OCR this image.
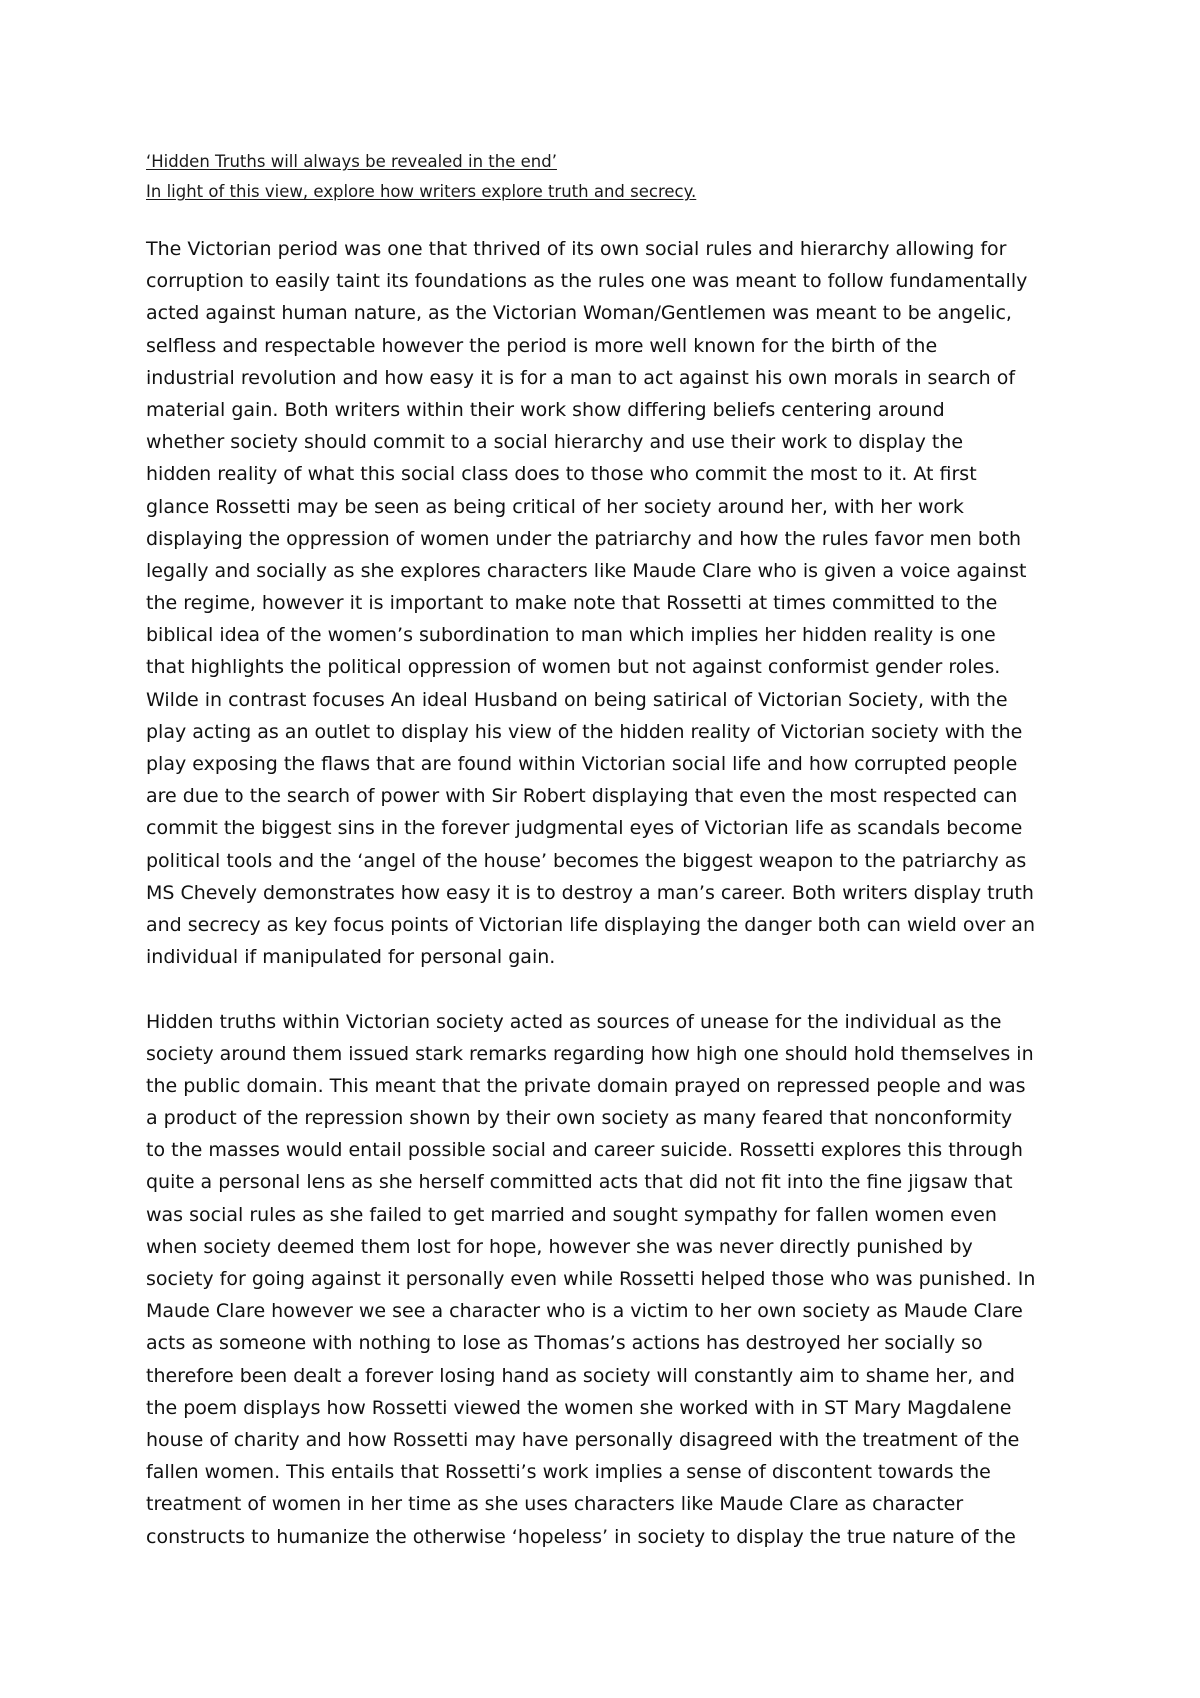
‘Hidden Truths will always be revealed in the end’
In light of this view, explore how writers explore truth and secrecy.
The Victorian period was one that thrived of its own social rules and hierarchy allowing for
corruption to easily taint its foundations as the rules one was meant to follow fundamentally
acted against human nature, as the Victorian Woman/Gentlemen was meant to be angelic,
selfless and respectable however the period is more well known for the birth of the
industrial revolution and how easy it is for a man to act against his own morals in search of
material gain. Both writers within their work show differing beliefs centering around
whether society should commit to a social hierarchy and use their work to display the
hidden reality of what this social class does to those who commit the most to it. At first
glance Rossetti may be seen as being critical of her society around her, with her work
displaying the oppression of women under the patriarchy and how the rules favor men both
legally and socially as she explores characters like Maude Clare who is given a voice against
the regime, however it is important to make note that Rossetti at times committed to the
biblical idea of the women’s subordination to man which implies her hidden reality is one
that highlights the political oppression of women but not against conformist gender roles.
Wilde in contrast focuses An ideal Husband on being satirical of Victorian Society, with the
play acting as an outlet to display his view of the hidden reality of Victorian society with the
play exposing the flaws that are found within Victorian social life and how corrupted people
are due to the search of power with Sir Robert displaying that even the most respected can
commit the biggest sins in the forever judgmental eyes of Victorian life as scandals become
political tools and the ‘angel of the house’ becomes the biggest weapon to the patriarchy as
MS Chevely demonstrates how easy it is to destroy a man’s career. Both writers display truth
and secrecy as key focus points of Victorian life displaying the danger both can wield over an
individual if manipulated for personal gain.
Hidden truths within Victorian society acted as sources of unease for the individual as the
society around them issued stark remarks regarding how high one should hold themselves in
the public domain. This meant that the private domain prayed on repressed people and was
a product of the repression shown by their own society as many feared that nonconformity
to the masses would entail possible social and career suicide. Rossetti explores this through
quite a personal lens as she herself committed acts that did not fit into the fine jigsaw that
was social rules as she failed to get married and sought sympathy for fallen women even
when society deemed them lost for hope, however she was never directly punished by
society for going against it personally even while Rossetti helped those who was punished. In
Maude Clare however we see a character who is a victim to her own society as Maude Clare
acts as someone with nothing to lose as Thomas’s actions has destroyed her socially so
therefore been dealt a forever losing hand as society will constantly aim to shame her, and
the poem displays how Rossetti viewed the women she worked with in ST Mary Magdalene
house of charity and how Rossetti may have personally disagreed with the treatment of the
fallen women. This entails that Rossetti’s work implies a sense of discontent towards the
treatment of women in her time as she uses characters like Maude Clare as character
constructs to humanize the otherwise ‘hopeless’ in society to display the true nature of the
